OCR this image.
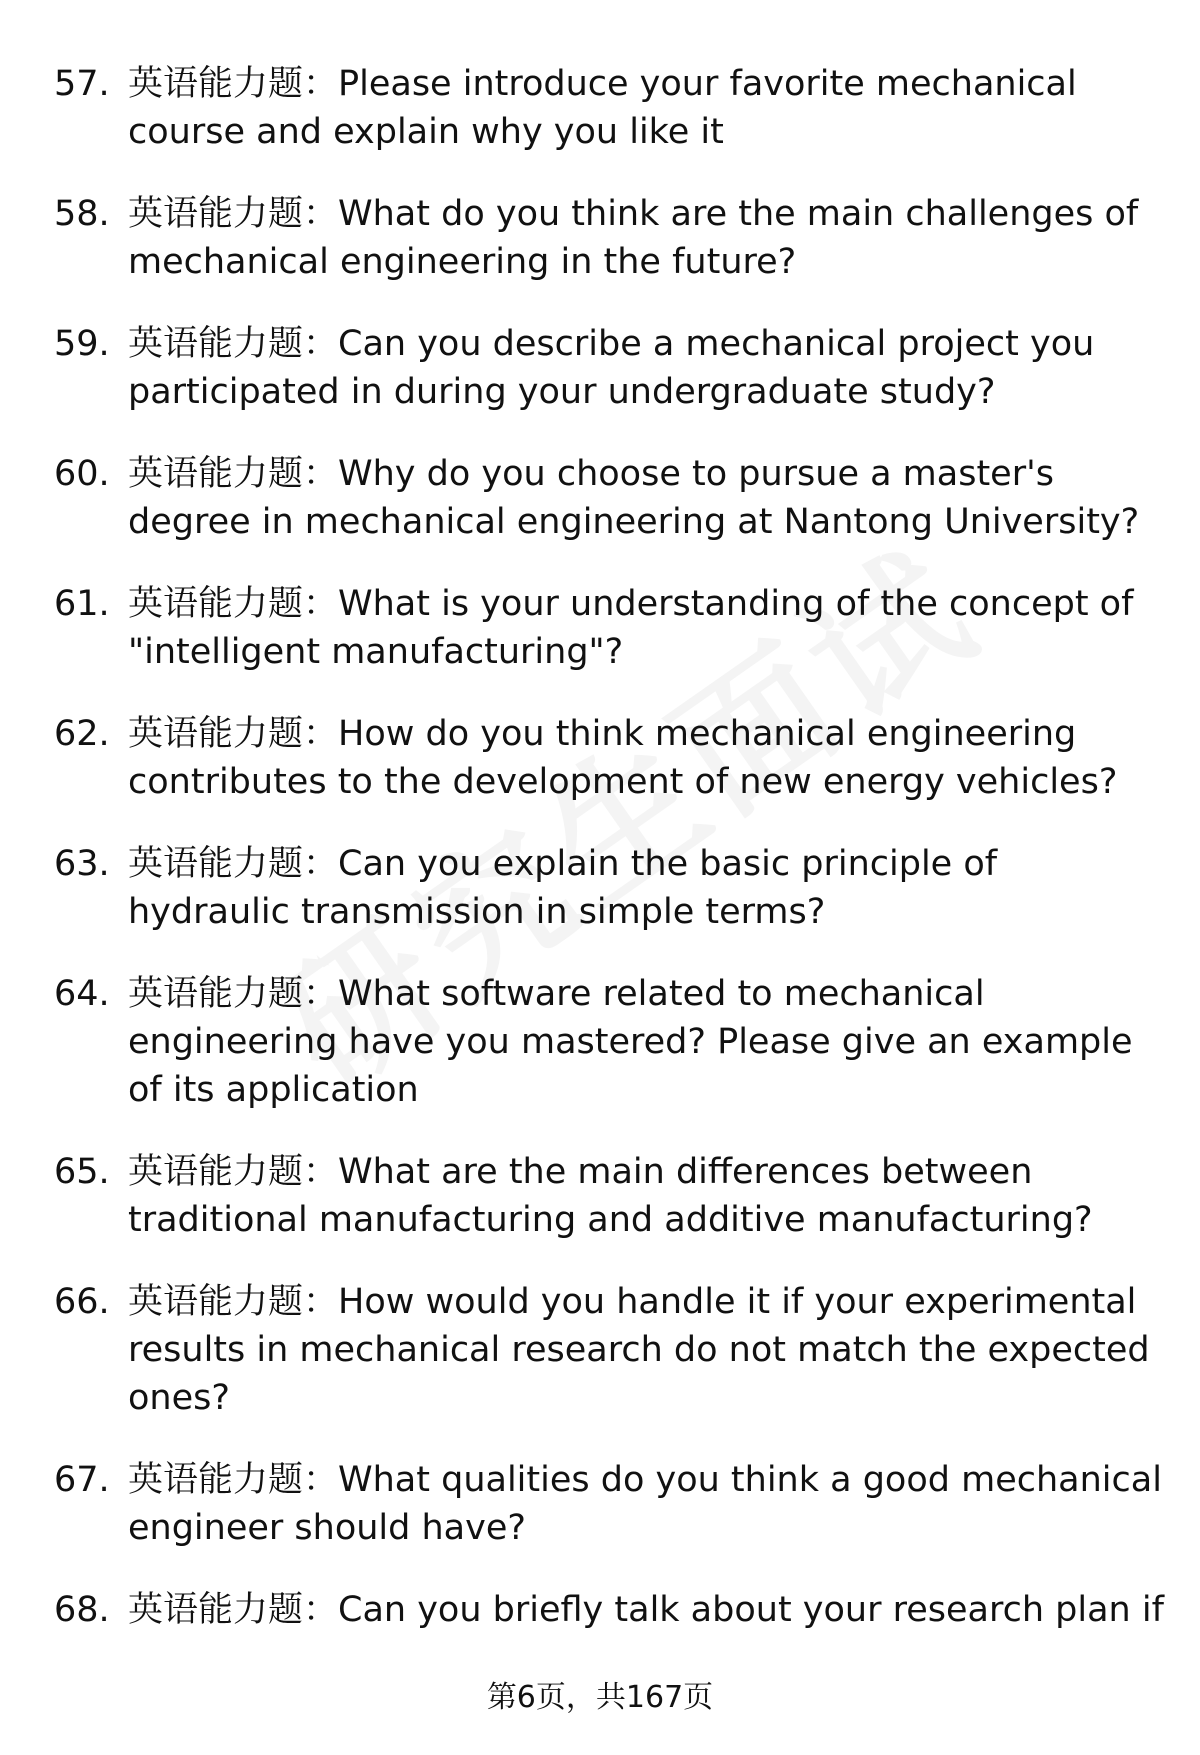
57. 英语能力题：Please introduce your favorite mechanical course and explain why you like it
58. 英语能力题：What do you think are the main challenges of mechanical engineering in the future?
59. 英语能力题：Can you describe a mechanical project you participated in during your undergraduate study?
60. 英语能力题：Why do you choose to pursue a master's degree in mechanical engineering at Nantong University?
61. 英语能力题：What is your understanding of the concept of "intelligent manufacturing"?
62. 英语能力题：How do you think mechanical engineering contributes to the development of new energy vehicles?
63. 英语能力题：Can you explain the basic principle of hydraulic transmission in simple terms?
64. 英语能力题：What software related to mechanical engineering have you mastered? Please give an example of its application
65. 英语能力题：What are the main differences between traditional manufacturing and additive manufacturing?
66. 英语能力题：How would you handle it if your experimental results in mechanical research do not match the expected ones?
67. 英语能力题：What qualities do you think a good mechanical engineer should have?
68. 英语能力题：Can you briefly talk about your research plan if
第6页，共167页
